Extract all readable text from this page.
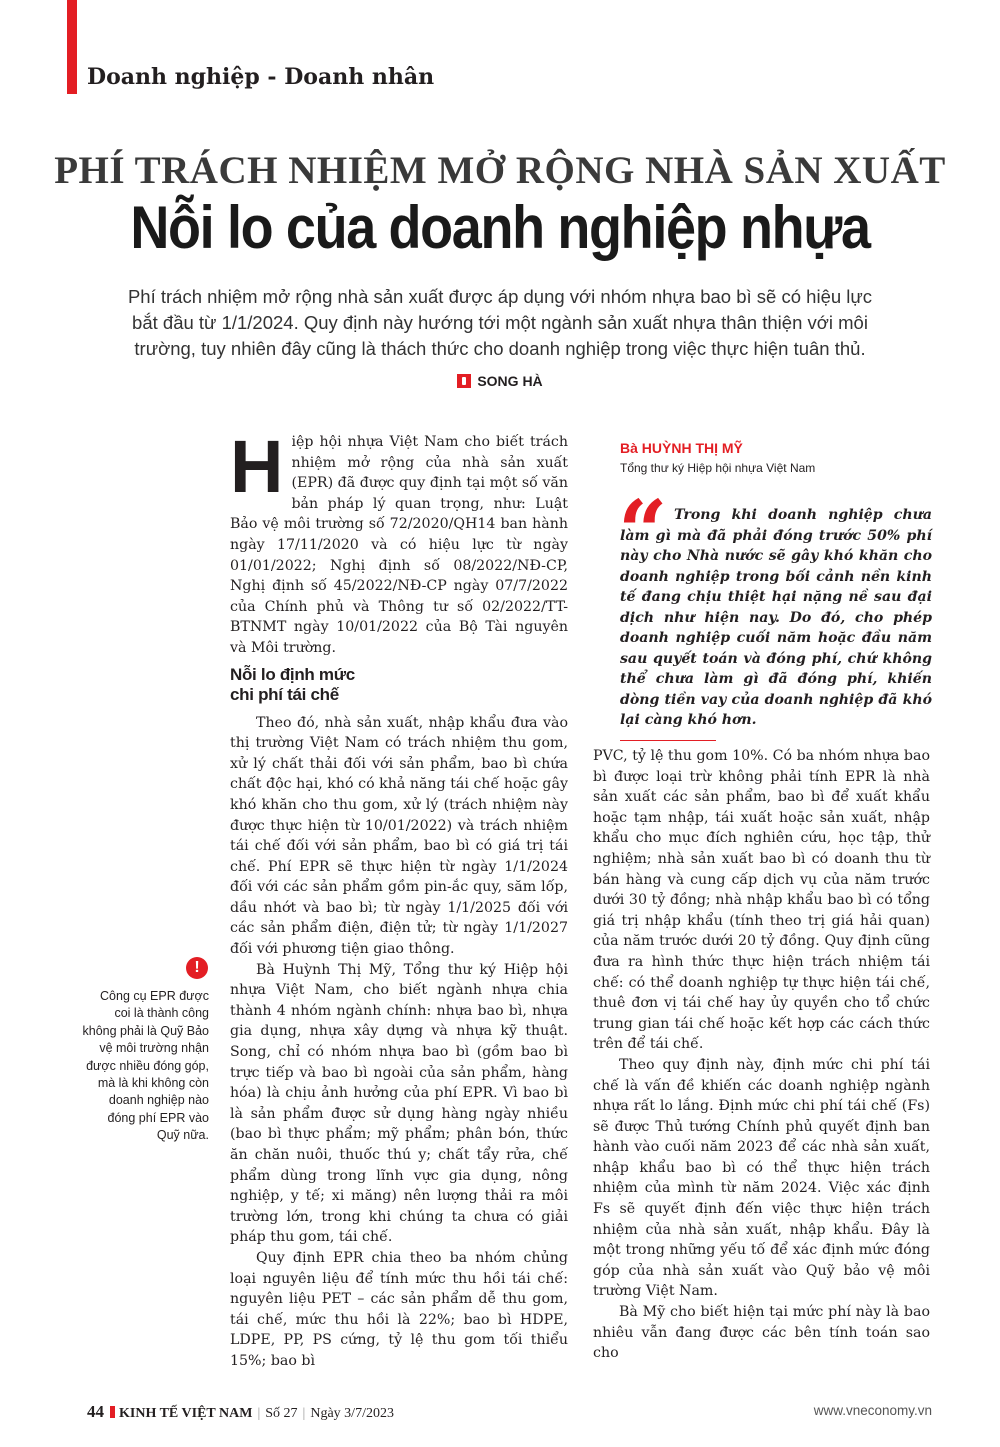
Doanh nghiệp - Doanh nhân
PHÍ TRÁCH NHIỆM MỞ RỘNG NHÀ SẢN XUẤT
Nỗi lo của doanh nghiệp nhựa
Phí trách nhiệm mở rộng nhà sản xuất được áp dụng với nhóm nhựa bao bì sẽ có hiệu lực bắt đầu từ 1/1/2024. Quy định này hướng tới một ngành sản xuất nhựa thân thiện với môi trường, tuy nhiên đây cũng là thách thức cho doanh nghiệp trong việc thực hiện tuân thủ.
SONG HÀ

Hiệp hội nhựa Việt Nam cho biết trách nhiệm mở rộng của nhà sản xuất (EPR) đã được quy định tại một số văn bản pháp lý quan trọng, như: Luật Bảo vệ môi trường số 72/2020/QH14 ban hành ngày 17/11/2020 và có hiệu lực từ ngày 01/01/2022; Nghị định số 08/2022/NĐ-CP, Nghị định số 45/2022/NĐ-CP ngày 07/7/2022 của Chính phủ và Thông tư số 02/2022/TT-BTNMT ngày 10/01/2022 của Bộ Tài nguyên và Môi trường.

Nỗi lo định mức
chi phí tái chế

Theo đó, nhà sản xuất, nhập khẩu đưa vào thị trường Việt Nam có trách nhiệm thu gom, xử lý chất thải đối với sản phẩm, bao bì chứa chất độc hại, khó có khả năng tái chế hoặc gây khó khăn cho thu gom, xử lý (trách nhiệm này được thực hiện từ 10/01/2022) và trách nhiệm tái chế đối với sản phẩm, bao bì có giá trị tái chế. Phí EPR sẽ thực hiện từ ngày 1/1/2024 đối với các sản phẩm gồm pin-ắc quy, săm lốp, dầu nhớt và bao bì; từ ngày 1/1/2025 đối với các sản phẩm điện, điện tử; từ ngày 1/1/2027 đối với phương tiện giao thông.

Bà Huỳnh Thị Mỹ, Tổng thư ký Hiệp hội nhựa Việt Nam, cho biết ngành nhựa chia thành 4 nhóm ngành chính: nhựa bao bì, nhựa gia dụng, nhựa xây dựng và nhựa kỹ thuật. Song, chỉ có nhóm nhựa bao bì (gồm bao bì trực tiếp và bao bì ngoài của sản phẩm, hàng hóa) là chịu ảnh hưởng của phí EPR. Vì bao bì là sản phẩm được sử dụng hàng ngày nhiều (bao bì thực phẩm; mỹ phẩm; phân bón, thức ăn chăn nuôi, thuốc thú y; chất tẩy rửa, chế phẩm dùng trong lĩnh vực gia dụng, nông nghiệp, y tế; xi măng) nên lượng thải ra môi trường lớn, trong khi chúng ta chưa có giải pháp thu gom, tái chế.

Quy định EPR chia theo ba nhóm chủng loại nguyên liệu để tính mức thu hồi tái chế: nguyên liệu PET – các sản phẩm dễ thu gom, tái chế, mức thu hồi là 22%; bao bì HDPE, LDPE, PP, PS cứng, tỷ lệ thu gom tối thiểu 15%; bao bì

Bà HUỲNH THỊ MỸ
Tổng thư ký Hiệp hội nhựa Việt Nam
“ Trong khi doanh nghiệp chưa làm gì mà đã phải đóng trước 50% phí này cho Nhà nước sẽ gây khó khăn cho doanh nghiệp trong bối cảnh nền kinh tế đang chịu thiệt hại nặng nề sau đại dịch như hiện nay. Do đó, cho phép doanh nghiệp cuối năm hoặc đầu năm sau quyết toán và đóng phí, chứ không thể chưa làm gì đã đóng phí, khiến dòng tiền vay của doanh nghiệp đã khó lại càng khó hơn.

PVC, tỷ lệ thu gom 10%. Có ba nhóm nhựa bao bì được loại trừ không phải tính EPR là nhà sản xuất các sản phẩm, bao bì để xuất khẩu hoặc tạm nhập, tái xuất hoặc sản xuất, nhập khẩu cho mục đích nghiên cứu, học tập, thử nghiệm; nhà sản xuất bao bì có doanh thu từ bán hàng và cung cấp dịch vụ của năm trước dưới 30 tỷ đồng; nhà nhập khẩu bao bì có tổng giá trị nhập khẩu (tính theo trị giá hải quan) của năm trước dưới 20 tỷ đồng. Quy định cũng đưa ra hình thức thực hiện trách nhiệm tái chế: có thể doanh nghiệp tự thực hiện tái chế, thuê đơn vị tái chế hay ủy quyền cho tổ chức trung gian tái chế hoặc kết hợp các cách thức trên để tái chế.

Theo quy định này, định mức chi phí tái chế là vấn đề khiến các doanh nghiệp ngành nhựa rất lo lắng. Định mức chi phí tái chế (Fs) sẽ được Thủ tướng Chính phủ quyết định ban hành vào cuối năm 2023 để các nhà sản xuất, nhập khẩu bao bì có thể thực hiện trách nhiệm của mình từ năm 2024. Việc xác định Fs sẽ quyết định đến việc thực hiện trách nhiệm của nhà sản xuất, nhập khẩu. Đây là một trong những yếu tố để xác định mức đóng góp của nhà sản xuất vào Quỹ bảo vệ môi trường Việt Nam.

Bà Mỹ cho biết hiện tại mức phí này là bao nhiêu vẫn đang được các bên tính toán sao cho

!
Công cụ EPR được coi là thành công không phải là Quỹ Bảo vệ môi trường nhận được nhiều đóng góp, mà là khi không còn doanh nghiệp nào đóng phí EPR vào Quỹ nữa.
44 KINH TẾ VIỆT NAM | Số 27 | Ngày 3/7/2023	www.vneconomy.vn
